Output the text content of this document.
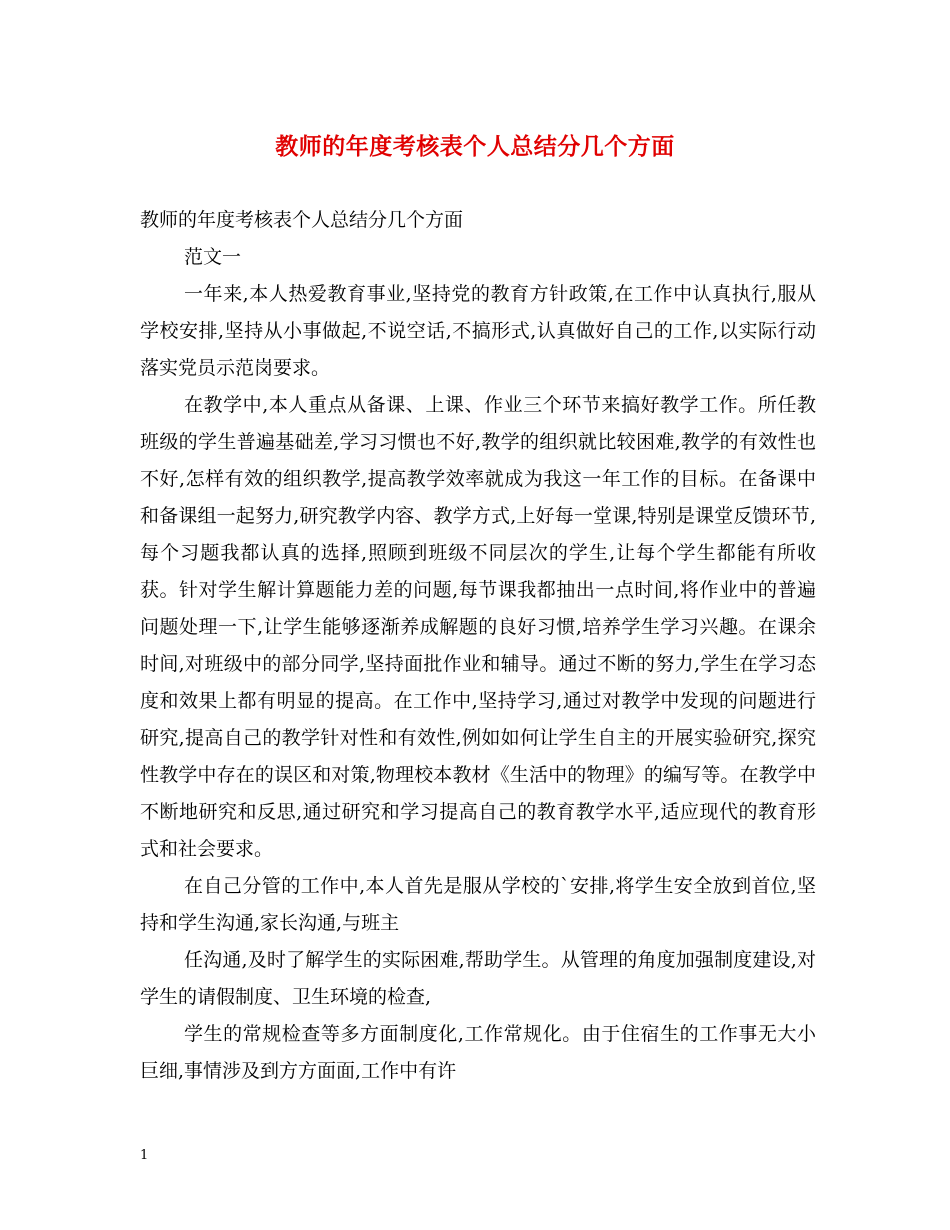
教师的年度考核表个人总结分几个方面

教师的年度考核表个人总结分几个方面

范文一

一年来,本人热爱教育事业,坚持党的教育方针政策,在工作中认真执行,服从学校安排,坚持从小事做起,不说空话,不搞形式,认真做好自己的工作,以实际行动落实党员示范岗要求。

在教学中,本人重点从备课、上课、作业三个环节来搞好教学工作。所任教班级的学生普遍基础差,学习习惯也不好,教学的组织就比较困难,教学的有效性也不好,怎样有效的组织教学,提高教学效率就成为我这一年工作的目标。在备课中和备课组一起努力,研究教学内容、教学方式,上好每一堂课,特别是课堂反馈环节,每个习题我都认真的选择,照顾到班级不同层次的学生,让每个学生都能有所收获。针对学生解计算题能力差的问题,每节课我都抽出一点时间,将作业中的普遍问题处理一下,让学生能够逐渐养成解题的良好习惯,培养学生学习兴趣。在课余时间,对班级中的部分同学,坚持面批作业和辅导。通过不断的努力,学生在学习态度和效果上都有明显的提高。在工作中,坚持学习,通过对教学中发现的问题进行研究,提高自己的教学针对性和有效性,例如如何让学生自主的开展实验研究,探究性教学中存在的误区和对策,物理校本教材《生活中的物理》的编写等。在教学中不断地研究和反思,通过研究和学习提高自己的教育教学水平,适应现代的教育形式和社会要求。

在自己分管的工作中,本人首先是服从学校的`安排,将学生安全放到首位,坚持和学生沟通,家长沟通,与班主

任沟通,及时了解学生的实际困难,帮助学生。从管理的角度加强制度建设,对学生的请假制度、卫生环境的检查,

学生的常规检查等多方面制度化,工作常规化。由于住宿生的工作事无大小巨细,事情涉及到方方面面,工作中有许

1
